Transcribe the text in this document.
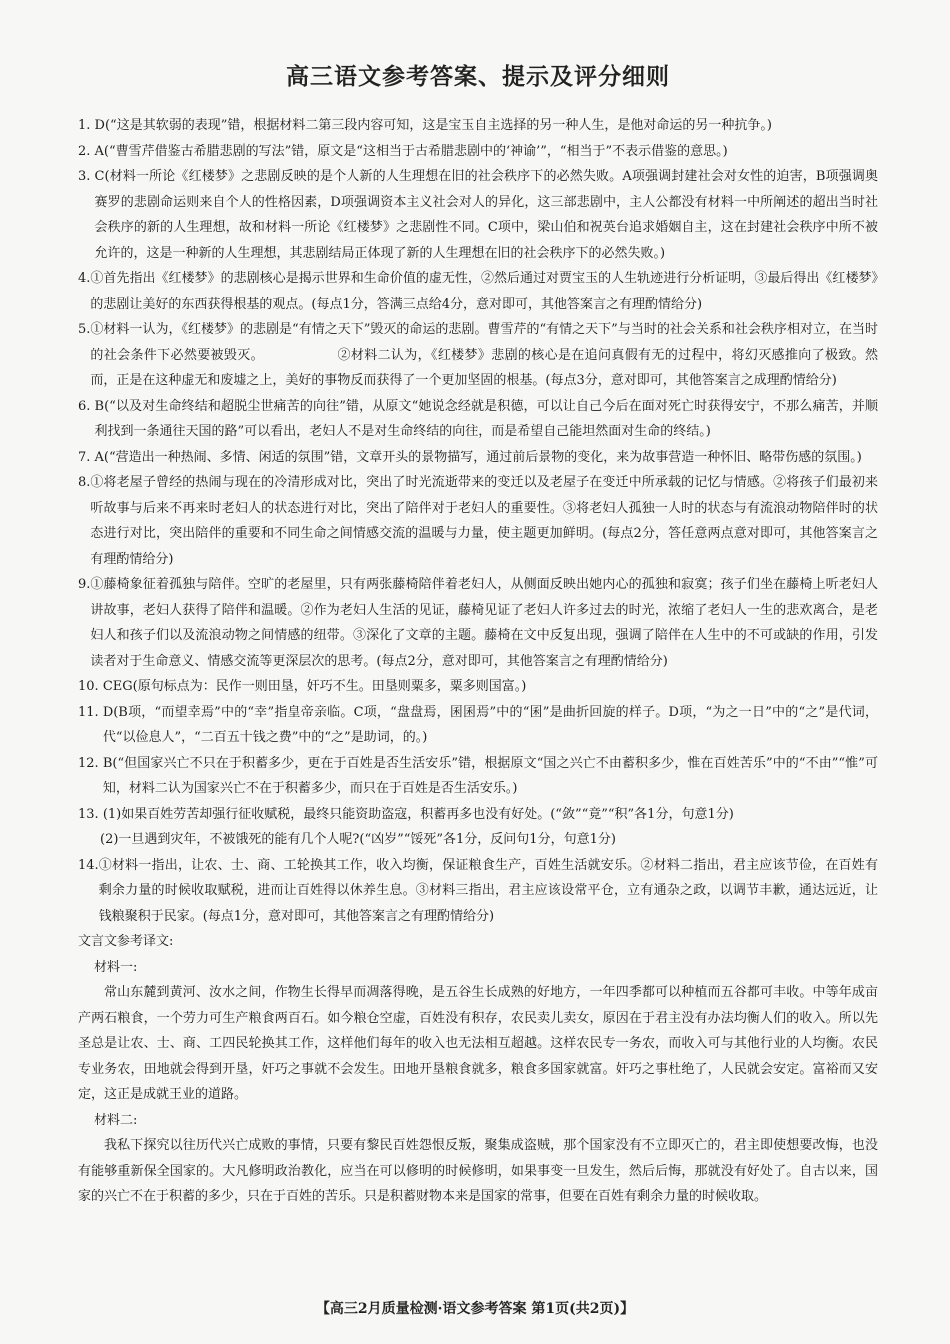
高三语文参考答案、提示及评分细则
1. D(“这是其软弱的表现”错，根据材料二第三段内容可知，这是宝玉自主选择的另一种人生，是他对命运的另一种抗争。)
2. A(“曹雪芹借鉴古希腊悲剧的写法”错，原文是“这相当于古希腊悲剧中的‘神谕’”，“相当于”不表示借鉴的意思。)
3. C(材料一所论《红楼梦》之悲剧反映的是个人新的人生理想在旧的社会秩序下的必然失败。A项强调封建社会对女性的迫害，B项强调奥赛罗的悲剧命运则来自个人的性格因素，D项强调资本主义社会对人的异化，这三部悲剧中，主人公都没有材料一中所阐述的超出当时社会秩序的新的人生理想，故和材料一所论《红楼梦》之悲剧性不同。C项中，梁山伯和祝英台追求婚姻自主，这在封建社会秩序中所不被允许的，这是一种新的人生理想，其悲剧结局正体现了新的人生理想在旧的社会秩序下的必然失败。)
4. ①首先指出《红楼梦》的悲剧核心是揭示世界和生命价值的虚无性，②然后通过对贾宝玉的人生轨迹进行分析证明，③最后得出《红楼梦》的悲剧让美好的东西获得根基的观点。(每点1分，答满三点给4分，意对即可，其他答案言之有理酌情给分)
5. ①材料一认为，《红楼梦》的悲剧是“有情之天下”毁灭的命运的悲剧。曹雪芹的“有情之天下”与当时的社会关系和社会秩序相对立，在当时的社会条件下必然要被毁灭。　　　　　　②材料二认为，《红楼梦》悲剧的核心是在追问真假有无的过程中，将幻灭感推向了极致。然而，正是在这种虚无和废墟之上，美好的事物反而获得了一个更加坚固的根基。(每点3分，意对即可，其他答案言之成理酌情给分)
6. B(“以及对生命终结和超脱尘世痛苦的向往”错，从原文“她说念经就是积德，可以让自己今后在面对死亡时获得安宁，不那么痛苦，并顺利找到一条通往天国的路”可以看出，老妇人不是对生命终结的向往，而是希望自己能坦然面对生命的终结。)
7. A(“营造出一种热闹、多情、闲适的氛围”错，文章开头的景物描写，通过前后景物的变化，来为故事营造一种怀旧、略带伤感的氛围。)
8. ①将老屋子曾经的热闹与现在的冷清形成对比，突出了时光流逝带来的变迁以及老屋子在变迁中所承载的记忆与情感。②将孩子们最初来听故事与后来不再来时老妇人的状态进行对比，突出了陪伴对于老妇人的重要性。③将老妇人孤独一人时的状态与有流浪动物陪伴时的状态进行对比，突出陪伴的重要和不同生命之间情感交流的温暖与力量，使主题更加鲜明。(每点2分，答任意两点意对即可，其他答案言之有理酌情给分)
9. ①藤椅象征着孤独与陪伴。空旷的老屋里，只有两张藤椅陪伴着老妇人，从侧面反映出她内心的孤独和寂寞；孩子们坐在藤椅上听老妇人讲故事，老妇人获得了陪伴和温暖。②作为老妇人生活的见证，藤椅见证了老妇人许多过去的时光，浓缩了老妇人一生的悲欢离合，是老妇人和孩子们以及流浪动物之间情感的纽带。③深化了文章的主题。藤椅在文中反复出现，强调了陪伴在人生中的不可或缺的作用，引发读者对于生命意义、情感交流等更深层次的思考。(每点2分，意对即可，其他答案言之有理酌情给分)
10. CEG(原句标点为：民作一则田垦，奸巧不生。田垦则粟多，粟多则国富。)
11. D(B项，“而望幸焉”中的“幸”指皇帝亲临。C项，“盘盘焉，囷囷焉”中的“囷”是曲折回旋的样子。D项，“为之一日”中的“之”是代词，代“以俭息人”，“二百五十钱之费”中的“之”是助词，的。)
12. B(“但国家兴亡不只在于积蓄多少，更在于百姓是否生活安乐”错，根据原文“国之兴亡不由蓄积多少，惟在百姓苦乐”中的“不由”“惟”可知，材料二认为国家兴亡不在于积蓄多少，而只在于百姓是否生活安乐。)
13. (1)如果百姓劳苦却强行征收赋税，最终只能资助盗寇，积蓄再多也没有好处。(“敛”“竟”“积”各1分，句意1分)
(2)一旦遇到灾年，不被饿死的能有几个人呢?(“凶岁”“馁死”各1分，反问句1分，句意1分)
14. ①材料一指出，让农、士、商、工轮换其工作，收入均衡，保证粮食生产，百姓生活就安乐。②材料二指出，君主应该节俭，在百姓有剩余力量的时候收取赋税，进而让百姓得以休养生息。③材料三指出，君主应该设常平仓，立有通杂之政，以调节丰歉，通达远近，让钱粮聚积于民家。(每点1分，意对即可，其他答案言之有理酌情给分)

文言文参考译文:

材料一:

常山东麓到黄河、汝水之间，作物生长得早而凋落得晚，是五谷生长成熟的好地方，一年四季都可以种植而五谷都可丰收。中等年成亩产两石粮食，一个劳力可生产粮食两百石。如今粮仓空虚，百姓没有积存，农民卖儿卖女，原因在于君主没有办法均衡人们的收入。所以先圣总是让农、士、商、工四民轮换其工作，这样他们每年的收入也无法相互超越。这样农民专一务农，而收入可与其他行业的人均衡。农民专业务农，田地就会得到开垦，奸巧之事就不会发生。田地开垦粮食就多，粮食多国家就富。奸巧之事杜绝了，人民就会安定。富裕而又安定，这正是成就王业的道路。

材料二:

我私下探究以往历代兴亡成败的事情，只要有黎民百姓怨恨反叛，聚集成盗贼，那个国家没有不立即灭亡的，君主即使想要改悔，也没有能够重新保全国家的。大凡修明政治教化，应当在可以修明的时候修明，如果事变一旦发生，然后后悔，那就没有好处了。自古以来，国家的兴亡不在于积蓄的多少，只在于百姓的苦乐。只是积蓄财物本来是国家的常事，但要在百姓有剩余力量的时候收取。

【高三2月质量检测·语文参考答案 第1页(共2页)】
